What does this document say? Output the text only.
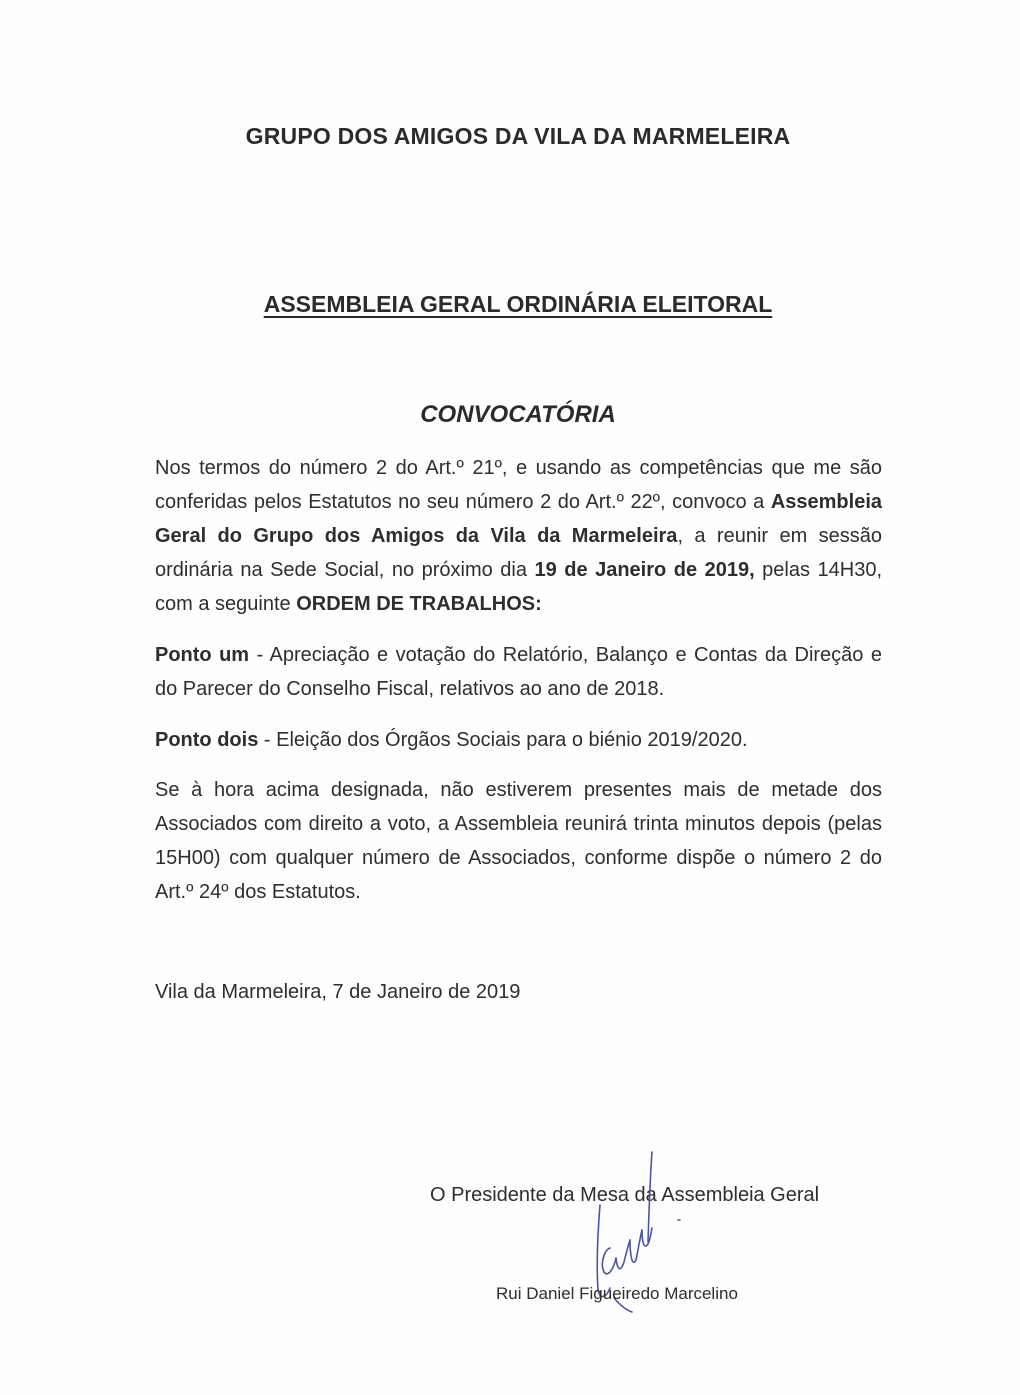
GRUPO DOS AMIGOS DA VILA DA MARMELEIRA
ASSEMBLEIA GERAL ORDINÁRIA ELEITORAL
CONVOCATÓRIA
Nos termos do número 2 do Art.º 21º, e usando as competências que me são conferidas pelos Estatutos no seu número 2 do Art.º 22º, convoco a Assembleia Geral do Grupo dos Amigos da Vila da Marmeleira, a reunir em sessão ordinária na Sede Social, no próximo dia 19 de Janeiro de 2019, pelas 14H30, com a seguinte ORDEM DE TRABALHOS:
Ponto um - Apreciação e votação do Relatório, Balanço e Contas da Direção e do Parecer do Conselho Fiscal, relativos ao ano de 2018.
Ponto dois - Eleição dos Órgãos Sociais para o biénio 2019/2020.
Se à hora acima designada, não estiverem presentes mais de metade dos Associados com direito a voto, a Assembleia reunirá trinta minutos depois (pelas 15H00) com qualquer número de Associados, conforme dispõe o número 2 do Art.º 24º dos Estatutos.
Vila da Marmeleira, 7 de Janeiro de 2019
O Presidente da Mesa da Assembleia Geral
Rui Daniel Figueiredo Marcelino
